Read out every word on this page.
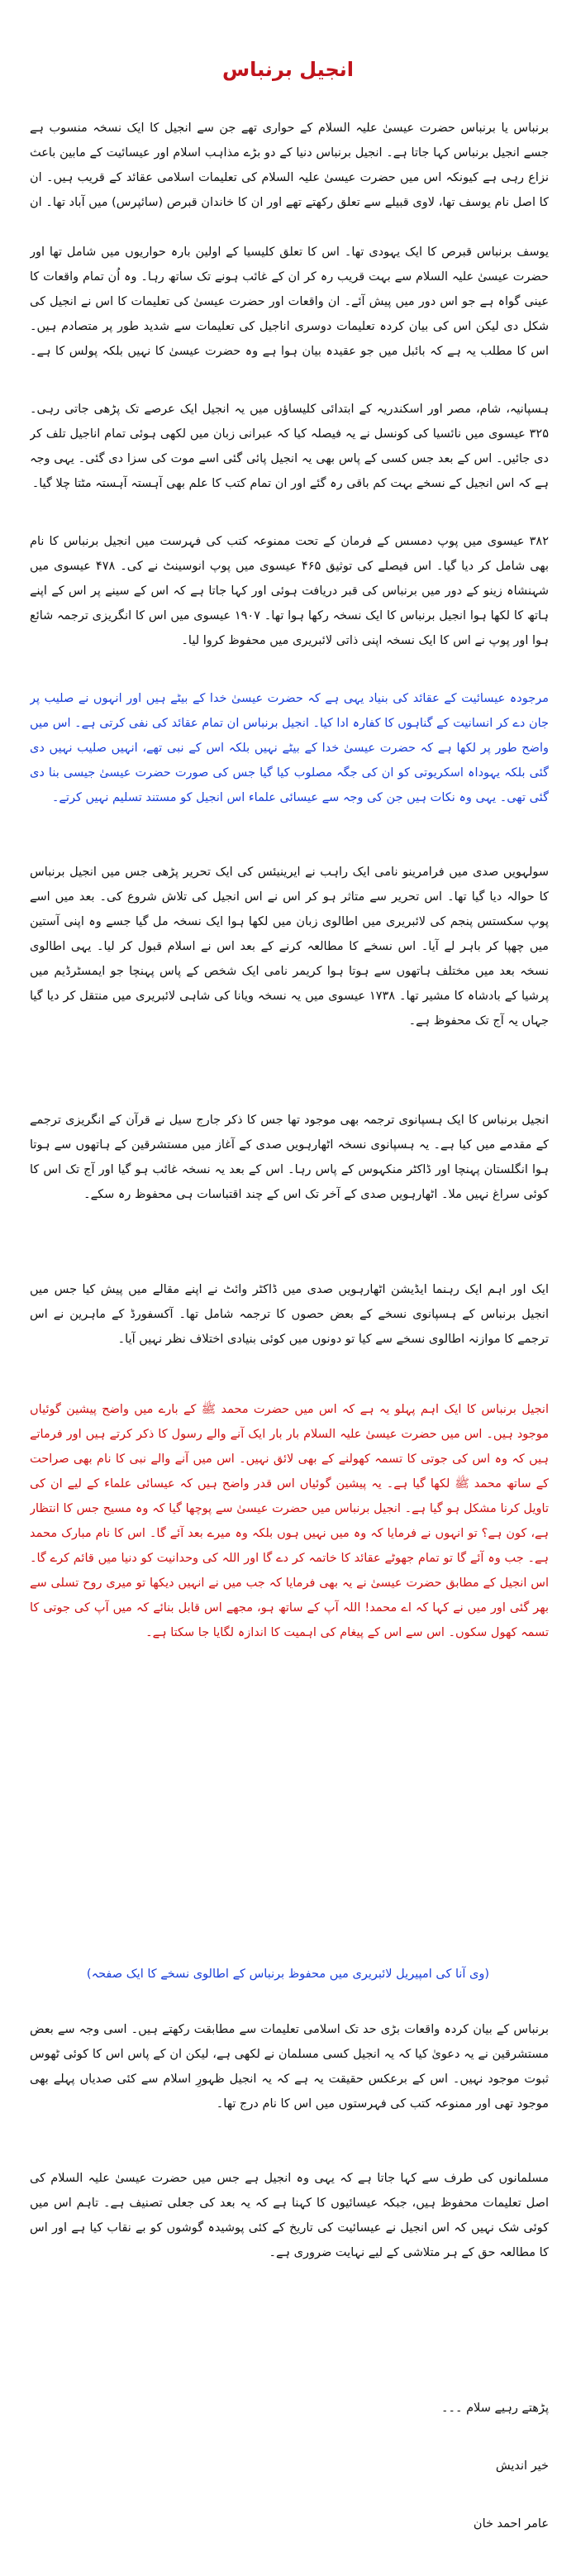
انجیل برنباس

برنباس یا برنباس حضرت عیسیٰ علیہ السلام کے حواری تھے جن سے انجیل کا ایک نسخہ منسوب ہے جسے انجیل برنباس کہا جاتا ہے۔ انجیل برنباس دنیا کے دو بڑے مذاہب اسلام اور عیسائیت کے مابین باعث نزاع رہی ہے کیونکہ اس میں حضرت عیسیٰ علیہ السلام کی تعلیمات اسلامی عقائد کے قریب ہیں۔ ان کا اصل نام یوسف تھا، لاوی قبیلے سے تعلق رکھتے تھے اور ان کا خاندان قبرص (سائپرس) میں آباد تھا۔ ان

یوسف برنباس قبرص کا ایک یہودی تھا۔ اس کا تعلق کلیسیا کے اولین بارہ حواریوں میں شامل تھا اور حضرت عیسیٰ علیہ السلام سے بہت قریب رہ کر ان کے غائب ہونے تک ساتھ رہا۔ وہ اُن تمام واقعات کا عینی گواہ ہے جو اس دور میں پیش آئے۔ ان واقعات اور حضرت عیسیٰ کی تعلیمات کا اس نے انجیل کی شکل دی لیکن اس کی بیان کردہ تعلیمات دوسری اناجیل کی تعلیمات سے شدید طور پر متصادم ہیں۔ اس کا مطلب یہ ہے کہ بائبل میں جو عقیدہ بیان ہوا ہے وہ حضرت عیسیٰ کا نہیں بلکہ پولس کا ہے۔

ہسپانیہ، شام، مصر اور اسکندریہ کے ابتدائی کلیساؤں میں یہ انجیل ایک عرصے تک پڑھی جاتی رہی۔ ۳۲۵ عیسوی میں نائسیا کی کونسل نے یہ فیصلہ کیا کہ عبرانی زبان میں لکھی ہوئی تمام اناجیل تلف کر دی جائیں۔ اس کے بعد جس کسی کے پاس بھی یہ انجیل پائی گئی اسے موت کی سزا دی گئی۔ یہی وجہ ہے کہ اس انجیل کے نسخے بہت کم باقی رہ گئے اور ان تمام کتب کا علم بھی آہستہ آہستہ مٹتا چلا گیا۔

۳۸۲ عیسوی میں پوپ دمسس کے فرمان کے تحت ممنوعہ کتب کی فہرست میں انجیل برنباس کا نام بھی شامل کر دیا گیا۔ اس فیصلے کی توثیق ۴۶۵ عیسوی میں پوپ انوسینٹ نے کی۔ ۴۷۸ عیسوی میں شہنشاہ زینو کے دور میں برنباس کی قبر دریافت ہوئی اور کہا جاتا ہے کہ اس کے سینے پر اس کے اپنے ہاتھ کا لکھا ہوا انجیل برنباس کا ایک نسخہ رکھا ہوا تھا۔ ۱۹۰۷ عیسوی میں اس کا انگریزی ترجمہ شائع ہوا اور پوپ نے اس کا ایک نسخہ اپنی ذاتی لائبریری میں محفوظ کروا لیا۔

مرجودہ عیسائیت کے عقائد کی بنیاد یہی ہے کہ حضرت عیسیٰ خدا کے بیٹے ہیں اور انہوں نے صلیب پر جان دے کر انسانیت کے گناہوں کا کفارہ ادا کیا۔ انجیل برنباس ان تمام عقائد کی نفی کرتی ہے۔ اس میں واضح طور پر لکھا ہے کہ حضرت عیسیٰ خدا کے بیٹے نہیں بلکہ اس کے نبی تھے، انہیں صلیب نہیں دی گئی بلکہ یہوداہ اسکریوتی کو ان کی جگہ مصلوب کیا گیا جس کی صورت حضرت عیسیٰ جیسی بنا دی گئی تھی۔ یہی وہ نکات ہیں جن کی وجہ سے عیسائی علماء اس انجیل کو مستند تسلیم نہیں کرتے۔

سولہویں صدی میں فرامرینو نامی ایک راہب نے ایرینیئس کی ایک تحریر پڑھی جس میں انجیل برنباس کا حوالہ دیا گیا تھا۔ اس تحریر سے متاثر ہو کر اس نے اس انجیل کی تلاش شروع کی۔ بعد میں اسے پوپ سکستس پنجم کی لائبریری میں اطالوی زبان میں لکھا ہوا ایک نسخہ مل گیا جسے وہ اپنی آستین میں چھپا کر باہر لے آیا۔ اس نسخے کا مطالعہ کرنے کے بعد اس نے اسلام قبول کر لیا۔ یہی اطالوی نسخہ بعد میں مختلف ہاتھوں سے ہوتا ہوا کریمر نامی ایک شخص کے پاس پہنچا جو ایمسٹرڈیم میں پرشیا کے بادشاہ کا مشیر تھا۔ ۱۷۳۸ عیسوی میں یہ نسخہ ویانا کی شاہی لائبریری میں منتقل کر دیا گیا جہاں یہ آج تک محفوظ ہے۔

انجیل برنباس کا ایک ہسپانوی ترجمہ بھی موجود تھا جس کا ذکر جارج سیل نے قرآن کے انگریزی ترجمے کے مقدمے میں کیا ہے۔ یہ ہسپانوی نسخہ اٹھارہویں صدی کے آغاز میں مستشرقین کے ہاتھوں سے ہوتا ہوا انگلستان پہنچا اور ڈاکٹر منکہوس کے پاس رہا۔ اس کے بعد یہ نسخہ غائب ہو گیا اور آج تک اس کا کوئی سراغ نہیں ملا۔ اٹھارہویں صدی کے آخر تک اس کے چند اقتباسات ہی محفوظ رہ سکے۔

ایک اور اہم ایک رہنما ایڈیشن اٹھارہویں صدی میں ڈاکٹر وائٹ نے اپنے مقالے میں پیش کیا جس میں انجیل برنباس کے ہسپانوی نسخے کے بعض حصوں کا ترجمہ شامل تھا۔ آکسفورڈ کے ماہرین نے اس ترجمے کا موازنہ اطالوی نسخے سے کیا تو دونوں میں کوئی بنیادی اختلاف نظر نہیں آیا۔

انجیل برنباس کا ایک اہم پہلو یہ ہے کہ اس میں حضرت محمد ﷺ کے بارے میں واضح پیشین گوئیاں موجود ہیں۔ اس میں حضرت عیسیٰ علیہ السلام بار بار ایک آنے والے رسول کا ذکر کرتے ہیں اور فرماتے ہیں کہ وہ اس کی جوتی کا تسمہ کھولنے کے بھی لائق نہیں۔ اس میں آنے والے نبی کا نام بھی صراحت کے ساتھ محمد ﷺ لکھا گیا ہے۔ یہ پیشین گوئیاں اس قدر واضح ہیں کہ عیسائی علماء کے لیے ان کی تاویل کرنا مشکل ہو گیا ہے۔ انجیل برنباس میں حضرت عیسیٰ سے پوچھا گیا کہ وہ مسیح جس کا انتظار ہے، کون ہے؟ تو انہوں نے فرمایا کہ وہ میں نہیں ہوں بلکہ وہ میرے بعد آئے گا۔ اس کا نام مبارک محمد ہے۔ جب وہ آئے گا تو تمام جھوٹے عقائد کا خاتمہ کر دے گا اور اللہ کی وحدانیت کو دنیا میں قائم کرے گا۔ اس انجیل کے مطابق حضرت عیسیٰ نے یہ بھی فرمایا کہ جب میں نے انہیں دیکھا تو میری روح تسلی سے بھر گئی اور میں نے کہا کہ اے محمد! اللہ آپ کے ساتھ ہو، مجھے اس قابل بنائے کہ میں آپ کی جوتی کا تسمہ کھول سکوں۔ اس سے اس کے پیغام کی اہمیت کا اندازہ لگایا جا سکتا ہے۔

(وی آنا کی امپیریل لائبریری میں محفوظ برنباس کے اطالوی نسخے کا ایک صفحہ)

برنباس کے بیان کردہ واقعات بڑی حد تک اسلامی تعلیمات سے مطابقت رکھتے ہیں۔ اسی وجہ سے بعض مستشرقین نے یہ دعویٰ کیا کہ یہ انجیل کسی مسلمان نے لکھی ہے، لیکن ان کے پاس اس کا کوئی ٹھوس ثبوت موجود نہیں۔ اس کے برعکس حقیقت یہ ہے کہ یہ انجیل ظہورِ اسلام سے کئی صدیاں پہلے بھی موجود تھی اور ممنوعہ کتب کی فہرستوں میں اس کا نام درج تھا۔

مسلمانوں کی طرف سے کہا جاتا ہے کہ یہی وہ انجیل ہے جس میں حضرت عیسیٰ علیہ السلام کی اصل تعلیمات محفوظ ہیں، جبکہ عیسائیوں کا کہنا ہے کہ یہ بعد کی جعلی تصنیف ہے۔ تاہم اس میں کوئی شک نہیں کہ اس انجیل نے عیسائیت کی تاریخ کے کئی پوشیدہ گوشوں کو بے نقاب کیا ہے اور اس کا مطالعہ حق کے ہر متلاشی کے لیے نہایت ضروری ہے۔

پڑھتے رہیے سلام ۔۔۔

خیر اندیش

عامر احمد خان
